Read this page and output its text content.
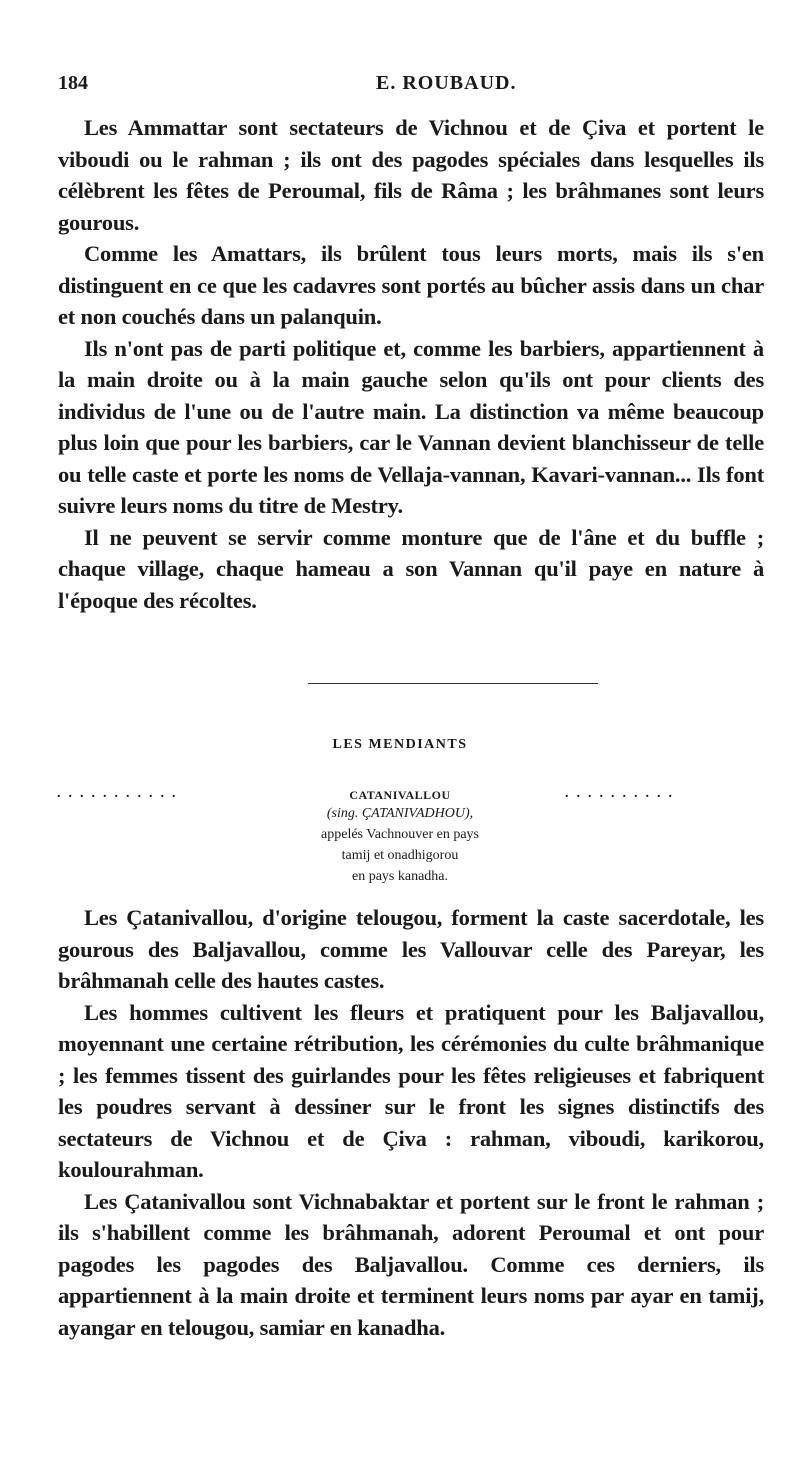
184	E. ROUBAUD.

Les Ammattar sont sectateurs de Vichnou et de Çiva et portent le viboudi ou le rahman ; ils ont des pagodes spéciales dans lesquelles ils célèbrent les fêtes de Peroumal, fils de Râma ; les brâhmanes sont leurs gourous.

Comme les Amattars, ils brûlent tous leurs morts, mais ils s'en distinguent en ce que les cadavres sont portés au bûcher assis dans un char et non couchés dans un palanquin.

Ils n'ont pas de parti politique et, comme les barbiers, appartiennent à la main droite ou à la main gauche selon qu'ils ont pour clients des individus de l'une ou de l'autre main. La distinction va même beaucoup plus loin que pour les barbiers, car le Vannan devient blanchisseur de telle ou telle caste et porte les noms de Vellaja-vannan, Kavari-vannan... Ils font suivre leurs noms du titre de Mestry.

Il ne peuvent se servir comme monture que de l'âne et du buffle ; chaque village, chaque hameau a son Vannan qu'il paye en nature à l'époque des récoltes.

LES MENDIANTS
...........	CATANIVALLOU	..........
(sing. ÇATANIVADHOU),
appelés Vachnouver en pays
tamij et onadhigorou
en pays kanadha.

Les Çatanivallou, d'origine telougou, forment la caste sacerdotale, les gourous des Baljavallou, comme les Vallouvar celle des Pareyar, les brâhmanah celle des hautes castes.

Les hommes cultivent les fleurs et pratiquent pour les Baljavallou, moyennant une certaine rétribution, les cérémonies du culte brâhmanique ; les femmes tissent des guirlandes pour les fêtes religieuses et fabriquent les poudres servant à dessiner sur le front les signes distinctifs des sectateurs de Vichnou et de Çiva : rahman, viboudi, karikorou, koulourahman.

Les Çatanivallou sont Vichnabaktar et portent sur le front le rahman ; ils s'habillent comme les brâhmanah, adorent Peroumal et ont pour pagodes les pagodes des Baljavallou. Comme ces derniers, ils appartiennent à la main droite et terminent leurs noms par ayar en tamij, ayangar en telougou, samiar en kanadha.
